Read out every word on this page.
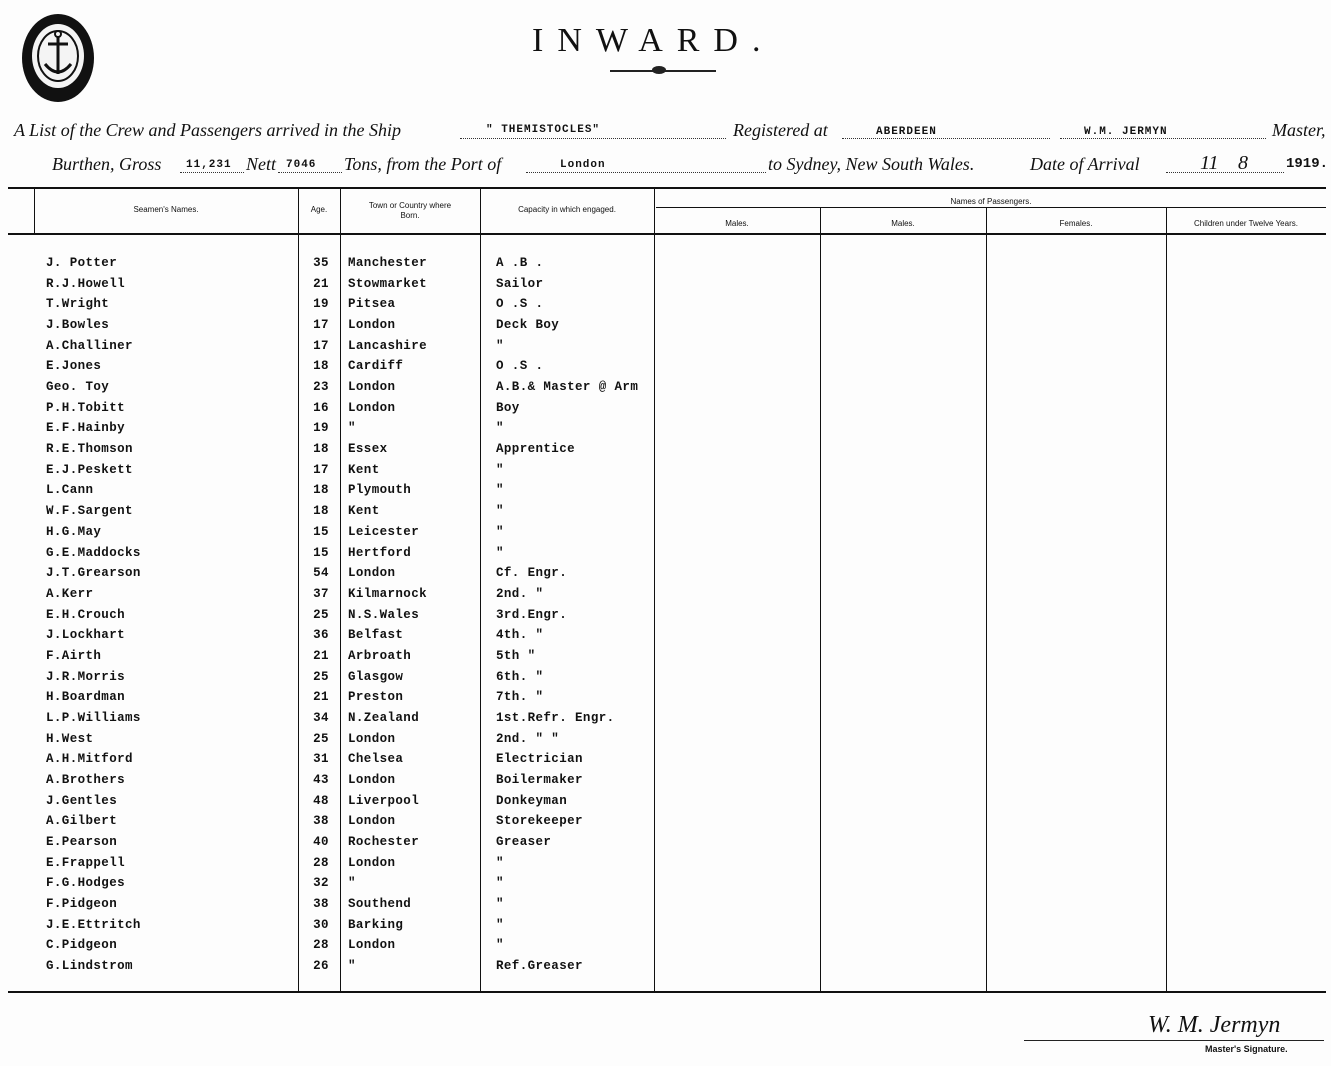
INWARD.
A List of the Crew and Passengers arrived in the Ship	" THEMISTOCLES"	Registered at	ABERDEEN	W.M. JERMYN	Master,
Burthen, Gross 11,231 Nett 7046 Tons, from the Port of	London	to Sydney, New South Wales.	Date of Arrival	11 8	1919.
Seamen's Names.	Age.	Town or Country where Born.
Capacity in which engaged.
Names of Passengers.
Males.	Males.	Females.	Children under Twelve Years.
J. Potter	35	Manchester	A .B .
R.J.Howell	21	Stowmarket	Sailor
T.Wright	19	Pitsea	O .S .
J.Bowles	17	London	Deck Boy
A.Challiner	17	Lancashire	"
E.Jones	18	Cardiff	O .S .
Geo. Toy	23	London	A.B.& Master @ Arm
P.H.Tobitt	16	London	Boy
E.F.Hainby	19	"	"
R.E.Thomson	18	Essex	Apprentice
E.J.Peskett	17	Kent	"
L.Cann	18	Plymouth	"
W.F.Sargent	18	Kent	"
H.G.May	15	Leicester	"
G.E.Maddocks	15	Hertford	"
J.T.Grearson	54	London	Cf. Engr.
A.Kerr	37	Kilmarnock	2nd. "
E.H.Crouch	25	N.S.Wales	3rd.Engr.
J.Lockhart	36	Belfast	4th. "
F.Airth	21	Arbroath	5th "
J.R.Morris	25	Glasgow	6th. "
H.Boardman	21	Preston	7th. "
L.P.Williams	34	N.Zealand	1st.Refr. Engr.
H.West	25	London	2nd. " "
A.H.Mitford	31	Chelsea	Electrician
A.Brothers	43	London	Boilermaker
J.Gentles	48	Liverpool	Donkeyman
A.Gilbert	38	London	Storekeeper
E.Pearson	40	Rochester	Greaser
E.Frappell	28	London	"
F.G.Hodges	32	"	"
F.Pidgeon	38	Southend	"
J.E.Ettritch	30	Barking	"
C.Pidgeon	28	London	"
G.Lindstrom	26	"	Ref.Greaser
W. M. Jermyn
Master's Signature.
